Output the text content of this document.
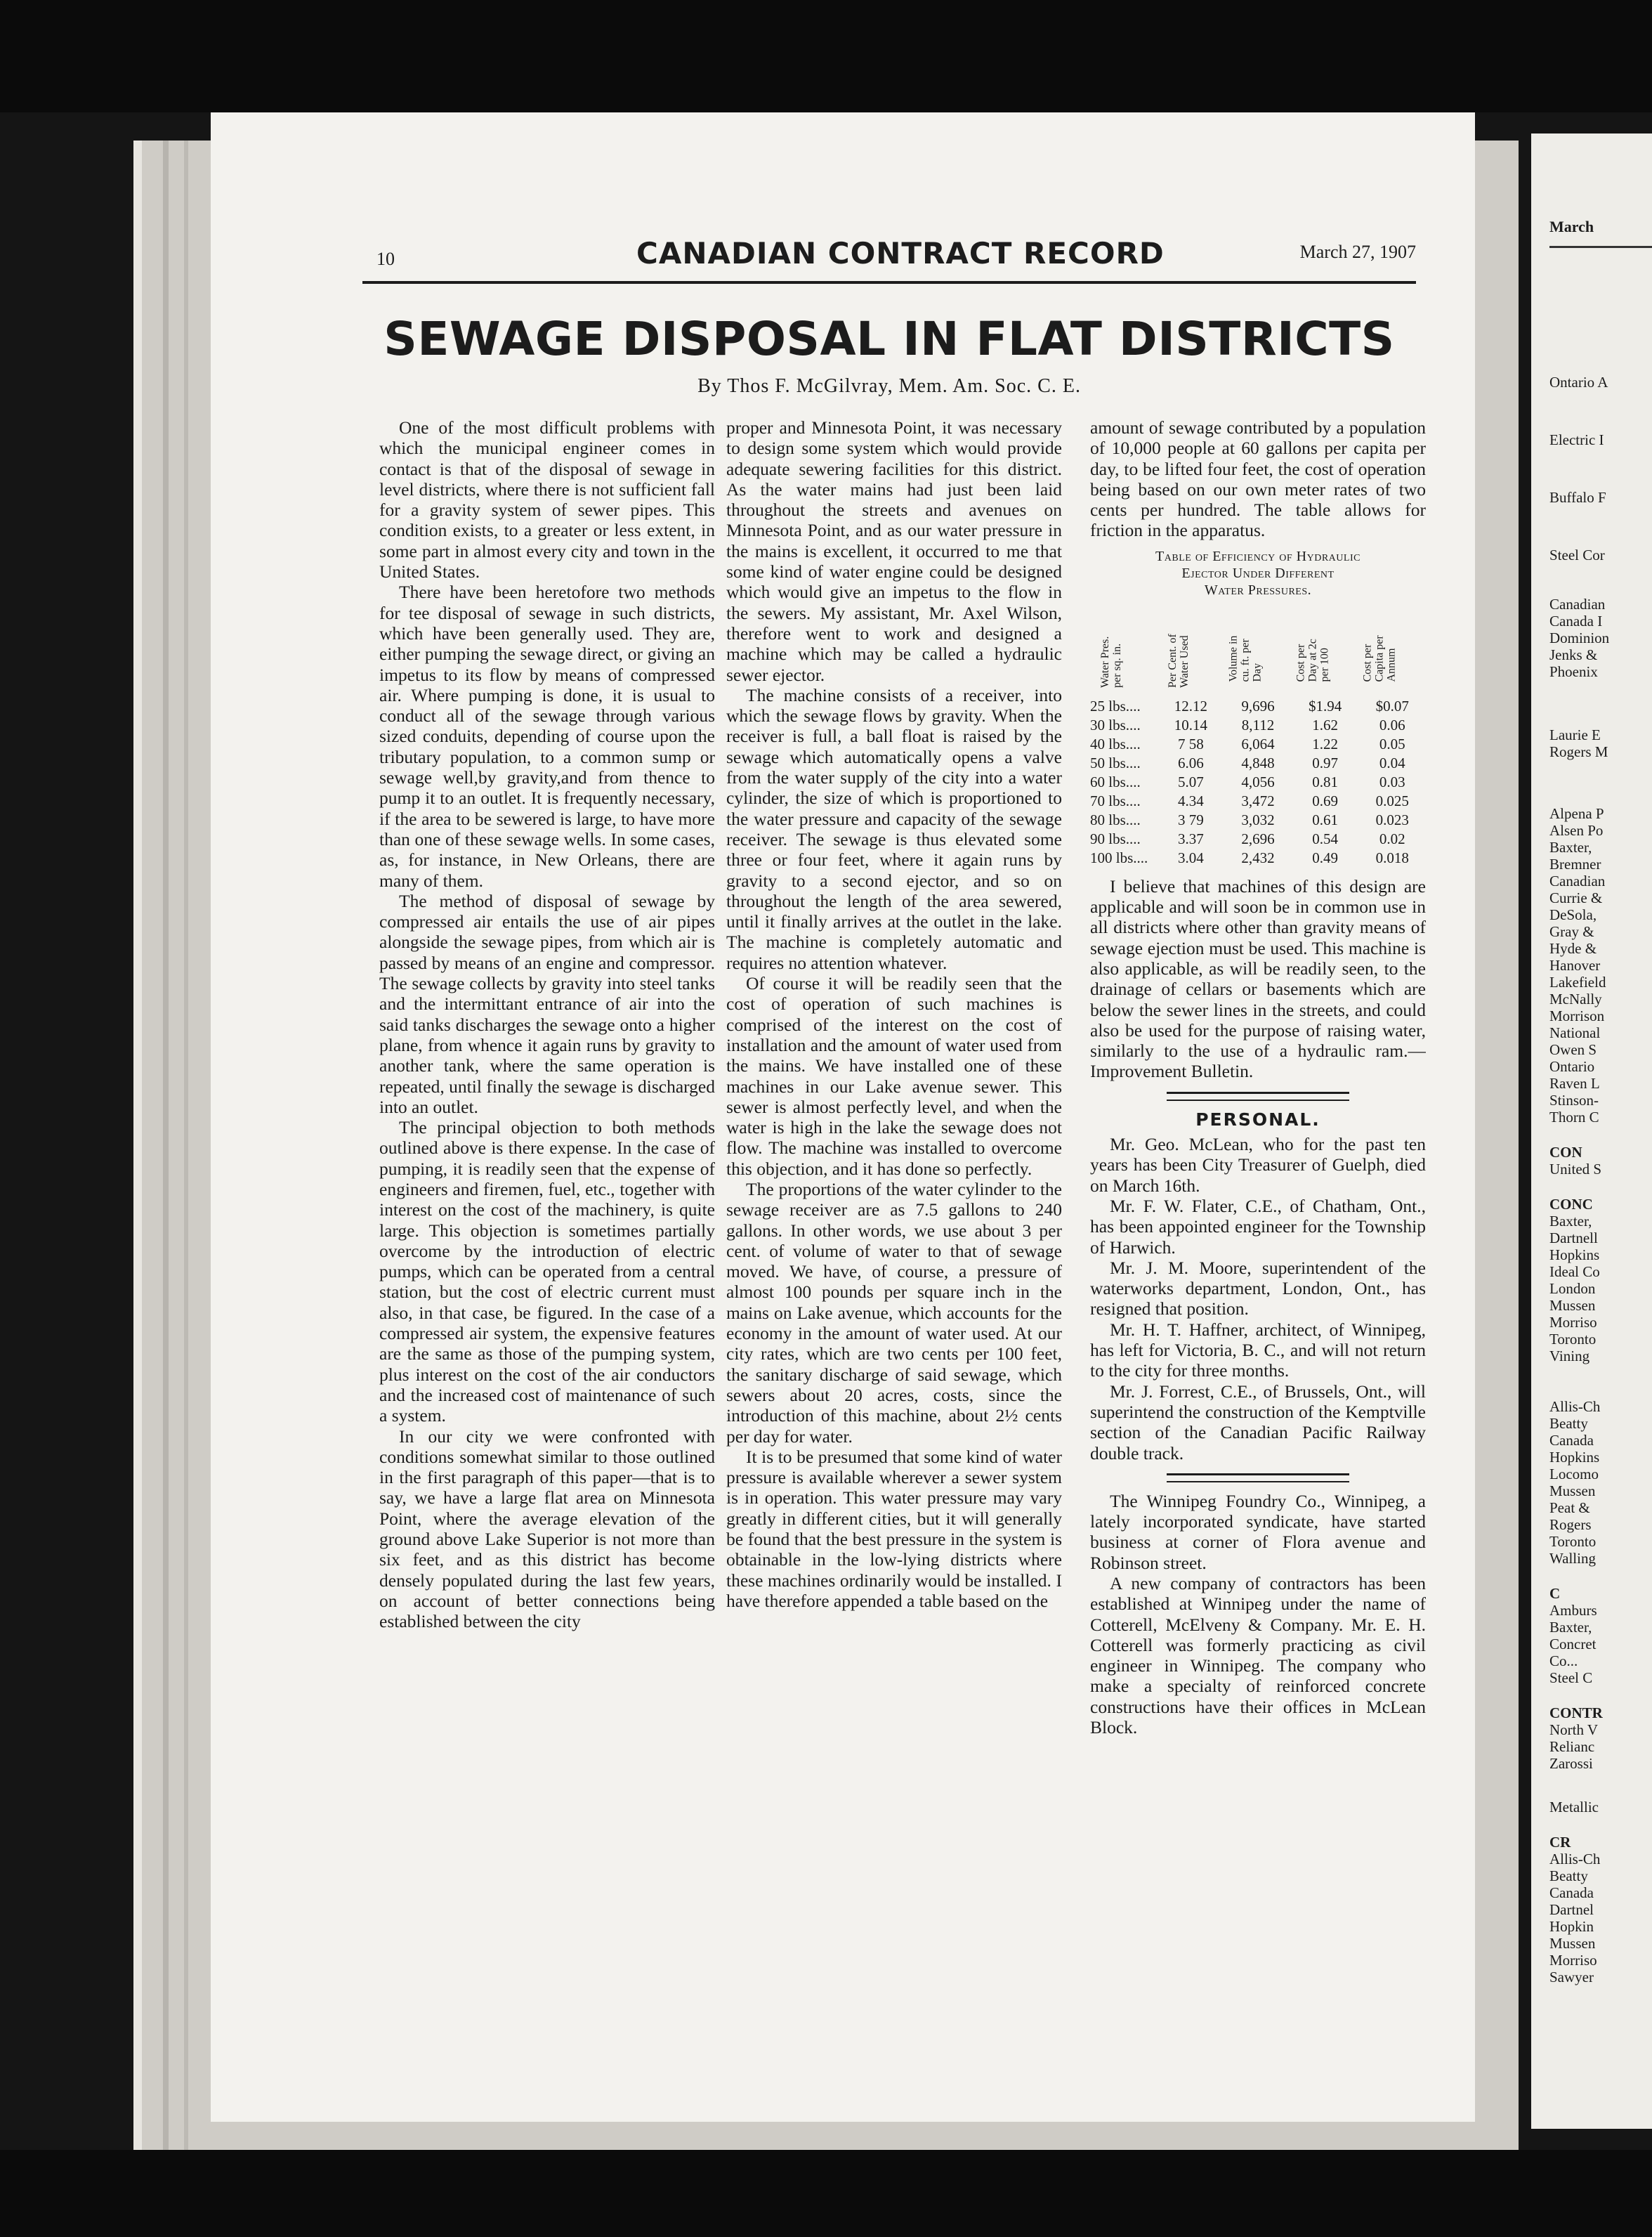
March
Ontario A
Electric I
Buffalo F
Steel Cor
Canadian
Canada I
Dominion
Jenks &
Phoenix
Laurie E
Rogers M
Alpena P
Alsen Po
Baxter,
Bremner
Canadian
Currie &
DeSola,
Gray &
Hyde &
Hanover
Lakefield
McNally
Morrison
National
Owen S
Ontario
Raven L
Stinson-
Thorn C
CON
United S
CONC
Baxter,
Dartnell
Hopkins
Ideal Co
London
Mussen
Morriso
Toronto
Vining
Allis-Ch
Beatty
Canada
Hopkins
Locomo
Mussen
Peat &
Rogers
Toronto
Walling
C
Amburs
Baxter,
Concret
Co...
Steel C
CONTR
North V
Relianc
Zarossi
Metallic
CR
Allis-Ch
Beatty
Canada
Dartnel
Hopkin
Mussen
Morriso
Sawyer
10	CANADIAN CONTRACT RECORD	March 27, 1907
SEWAGE DISPOSAL IN FLAT DISTRICTS
By Thos F. McGilvray, Mem. Am. Soc. C. E.

One of the most difficult problems with which the municipal engineer comes in contact is that of the disposal of sewage in level districts, where there is not sufficient fall for a gravity system of sewer pipes. This condition exists, to a greater or less extent, in some part in almost every city and town in the United States.

There have been heretofore two methods for tee disposal of sewage in such districts, which have been generally used. They are, either pumping the sewage direct, or giving an impetus to its flow by means of compressed air. Where pumping is done, it is usual to conduct all of the sewage through various sized conduits, depending of course upon the tributary population, to a common sump or sewage well,by gravity,and from thence to pump it to an outlet. It is frequently necessary, if the area to be sewered is large, to have more than one of these sewage wells. In some cases, as, for instance, in New Orleans, there are many of them.

The method of disposal of sewage by compressed air entails the use of air pipes alongside the sewage pipes, from which air is passed by means of an engine and compressor. The sewage collects by gravity into steel tanks and the intermittant entrance of air into the said tanks discharges the sewage onto a higher plane, from whence it again runs by gravity to another tank, where the same operation is repeated, until finally the sewage is discharged into an outlet.

The principal objection to both methods outlined above is there expense. In the case of pumping, it is readily seen that the expense of engineers and firemen, fuel, etc., together with interest on the cost of the machinery, is quite large. This objection is sometimes partially overcome by the introduction of electric pumps, which can be operated from a central station, but the cost of electric current must also, in that case, be figured. In the case of a compressed air system, the expensive features are the same as those of the pumping system, plus interest on the cost of the air conductors and the increased cost of maintenance of such a system.

In our city we were confronted with conditions somewhat similar to those outlined in the first paragraph of this paper—that is to say, we have a large flat area on Minnesota Point, where the average elevation of the ground above Lake Superior is not more than six feet, and as this district has become densely populated during the last few years, on account of better connections being established between the city

proper and Minnesota Point, it was necessary to design some system which would provide adequate sewering facilities for this district. As the water mains had just been laid throughout the streets and avenues on Minnesota Point, and as our water pressure in the mains is excellent, it occurred to me that some kind of water engine could be designed which would give an impetus to the flow in the sewers. My assistant, Mr. Axel Wilson, therefore went to work and designed a machine which may be called a hydraulic sewer ejector.

The machine consists of a receiver, into which the sewage flows by gravity. When the receiver is full, a ball float is raised by the sewage which automatically opens a valve from the water supply of the city into a water cylinder, the size of which is proportioned to the water pressure and capacity of the sewage receiver. The sewage is thus elevated some three or four feet, where it again runs by gravity to a second ejector, and so on throughout the length of the area sewered, until it finally arrives at the outlet in the lake. The machine is completely automatic and requires no attention whatever.

Of course it will be readily seen that the cost of operation of such machines is comprised of the interest on the cost of installation and the amount of water used from the mains. We have installed one of these machines in our Lake avenue sewer. This sewer is almost perfectly level, and when the water is high in the lake the sewage does not flow. The machine was installed to overcome this objection, and it has done so perfectly.

The proportions of the water cylinder to the sewage receiver are as 7.5 gallons to 240 gallons. In other words, we use about 3 per cent. of volume of water to that of sewage moved. We have, of course, a pressure of almost 100 pounds per square inch in the mains on Lake avenue, which accounts for the economy in the amount of water used. At our city rates, which are two cents per 100 feet, the sanitary discharge of said sewage, which sewers about 20 acres, costs, since the introduction of this machine, about 2½ cents per day for water.

It is to be presumed that some kind of water pressure is available wherever a sewer system is in operation. This water pressure may vary greatly in different cities, but it will generally be found that the best pressure in the system is obtainable in the low-lying districts where these machines ordinarily would be installed. I have therefore appended a table based on the

amount of sewage contributed by a population of 10,000 people at 60 gallons per capita per day, to be lifted four feet, the cost of operation being based on our own meter rates of two cents per hundred. The table allows for friction in the apparatus.

Table of Efficiency of Hydraulic
Ejector Under Different
Water Pressures.
Water Pres.
per sq. in.	Per Cent. of
Water Used	Volume in
cu. ft. per
Day	Cost per
Day at 2c
per 100	Cost per
Capita per
Annum
25 lbs....	12.12	9,696	$1.94	$0.07
30 lbs....	10.14	8,112	1.62	0.06
40 lbs....	7 58	6,064	1.22	0.05
50 lbs....	6.06	4,848	0.97	0.04
60 lbs....	5.07	4,056	0.81	0.03
70 lbs....	4.34	3,472	0.69	0.025
80 lbs....	3 79	3,032	0.61	0.023
90 lbs....	3.37	2,696	0.54	0.02
100 lbs....	3.04	2,432	0.49	0.018

I believe that machines of this design are applicable and will soon be in common use in all districts where other than gravity means of sewage ejection must be used. This machine is also applicable, as will be readily seen, to the drainage of cellars or basements which are below the sewer lines in the streets, and could also be used for the purpose of raising water, similarly to the use of a hydraulic ram.—Improvement Bulletin.

PERSONAL.

Mr. Geo. McLean, who for the past ten years has been City Treasurer of Guelph, died on March 16th.

Mr. F. W. Flater, C.E., of Chatham, Ont., has been appointed engineer for the Township of Harwich.

Mr. J. M. Moore, superintendent of the waterworks department, London, Ont., has resigned that position.

Mr. H. T. Haffner, architect, of Winnipeg, has left for Victoria, B. C., and will not return to the city for three months.

Mr. J. Forrest, C.E., of Brussels, Ont., will superintend the construction of the Kemptville section of the Canadian Pacific Railway double track.

The Winnipeg Foundry Co., Winnipeg, a lately incorporated syndicate, have started business at corner of Flora avenue and Robinson street.

A new company of contractors has been established at Winnipeg under the name of Cotterell, McElveny & Company. Mr. E. H. Cotterell was formerly practicing as civil engineer in Winnipeg. The company who make a specialty of reinforced concrete constructions have their offices in McLean Block.
